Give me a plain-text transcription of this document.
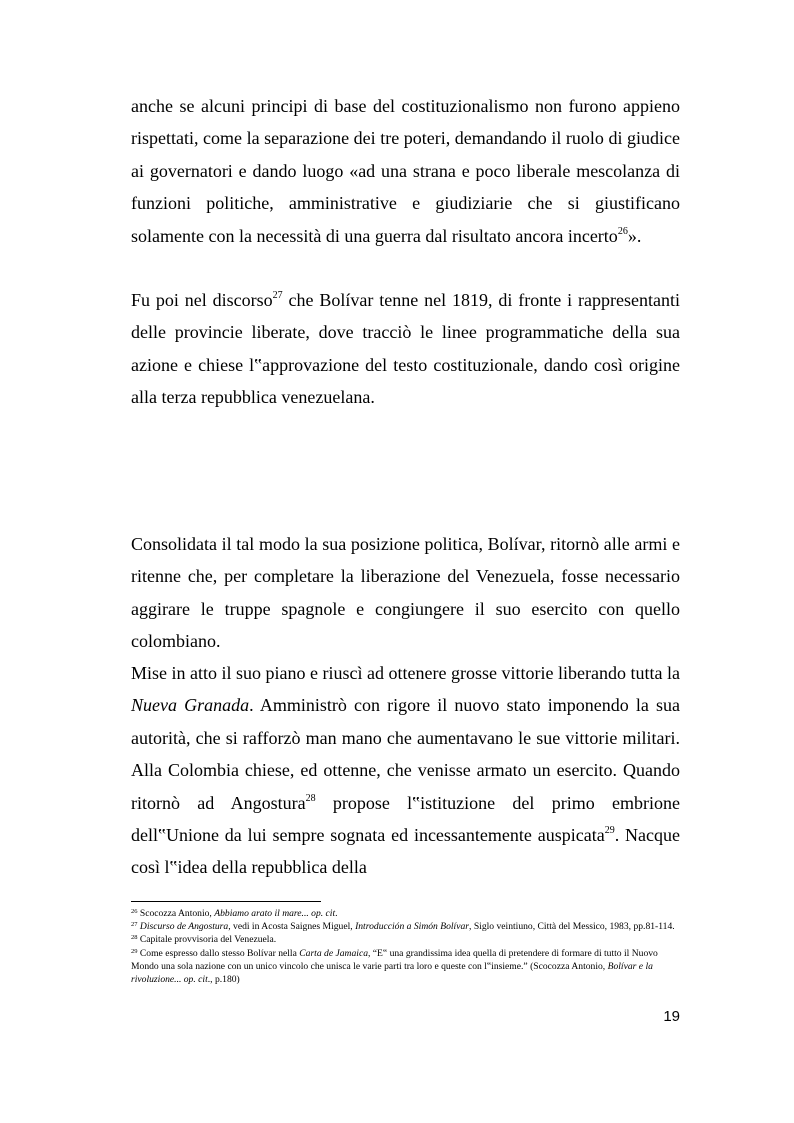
anche se alcuni principi di base del costituzionalismo non furono appieno rispettati, come la separazione dei tre poteri, demandando il ruolo di giudice ai governatori e dando luogo «ad una strana e poco liberale mescolanza di funzioni politiche, amministrative e giudiziarie che si giustificano solamente con la necessità di una guerra dal risultato ancora incerto$^{26}$».

Fu poi nel discorso$^{27}$ che Bolívar tenne nel 1819, di fronte i rappresentanti delle provincie liberate, dove tracciò le linee programmatiche della sua azione e chiese l‟approvazione del testo costituzionale, dando così origine alla terza repubblica venezuelana.

Consolidata il tal modo la sua posizione politica, Bolívar, ritornò alle armi e ritenne che, per completare la liberazione del Venezuela, fosse necessario aggirare le truppe spagnole e congiungere il suo esercito con quello colombiano.

Mise in atto il suo piano e riuscì ad ottenere grosse vittorie liberando tutta la Nueva Granada. Amministrò con rigore il nuovo stato imponendo la sua autorità, che si rafforzò man mano che aumentavano le sue vittorie militari. Alla Colombia chiese, ed ottenne, che venisse armato un esercito. Quando ritornò ad Angostura$^{28}$ propose l‟istituzione del primo embrione dell‟Unione da lui sempre sognata ed incessantemente auspicata$^{29}$. Nacque così l‟idea della repubblica della

$^{26}$ Scocozza Antonio, Abbiamo arato il mare... op. cit.

$^{27}$ Discurso de Angostura, vedi in Acosta Saignes Miguel, Introducción a Simón Bolívar, Siglo veintiuno, Città del Messico, 1983, pp.81-114.

$^{28}$ Capitale provvisoria del Venezuela.

$^{29}$ Come espresso dallo stesso Bolívar nella Carta de Jamaica, “E‟ una grandissima idea quella di pretendere di formare di tutto il Nuovo Mondo una sola nazione con un unico vincolo che unisca le varie parti tra loro e queste con l‟insieme.” (Scocozza Antonio, Bolívar e la rivoluzione... op. cit., p.180)

19
